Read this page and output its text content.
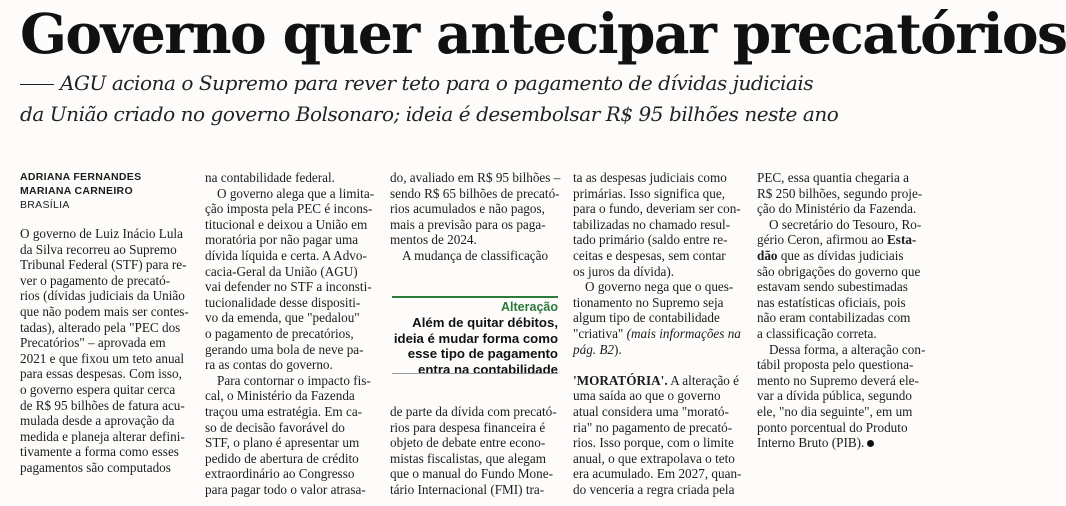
Governo quer antecipar precatórios
AGU aciona o Supremo para rever teto para o pagamento de dívidas judiciais
da União criado no governo Bolsonaro; ideia é desembolsar R$ 95 bilhões neste ano
ADRIANA FERNANDES
MARIANA CARNEIRO
BRASÍLIA
O governo de Luiz Inácio Lula
da Silva recorreu ao Supremo
Tribunal Federal (STF) para re-
ver o pagamento de precató-
rios (dívidas judiciais da União
que não podem mais ser contes-
tadas), alterado pela "PEC dos
Precatórios" – aprovada em
2021 e que fixou um teto anual
para essas despesas. Com isso,
o governo espera quitar cerca
de R$ 95 bilhões de fatura acu-
mulada desde a aprovação da
medida e planeja alterar defini-
tivamente a forma como esses
pagamentos são computados
na contabilidade federal.
O governo alega que a limita-
ção imposta pela PEC é incons-
titucional e deixou a União em
moratória por não pagar uma
dívida líquida e certa. A Advo-
cacia-Geral da União (AGU)
vai defender no STF a inconsti-
tucionalidade desse dispositi-
vo da emenda, que "pedalou"
o pagamento de precatórios,
gerando uma bola de neve pa-
ra as contas do governo.
Para contornar o impacto fis-
cal, o Ministério da Fazenda
traçou uma estratégia. Em ca-
so de decisão favorável do
STF, o plano é apresentar um
pedido de abertura de crédito
extraordinário ao Congresso
para pagar todo o valor atrasa-
do, avaliado em R$ 95 bilhões –
sendo R$ 65 bilhões de precató-
rios acumulados e não pagos,
mais a previsão para os paga-
mentos de 2024.
A mudança de classificação
Alteração
Além de quitar débitos,
ideia é mudar forma como
esse tipo de pagamento
entra na contabilidade
de parte da dívida com precató-
rios para despesa financeira é
objeto de debate entre econo-
mistas fiscalistas, que alegam
que o manual do Fundo Mone-
tário Internacional (FMI) tra-
ta as despesas judiciais como
primárias. Isso significa que,
para o fundo, deveriam ser con-
tabilizadas no chamado resul-
tado primário (saldo entre re-
ceitas e despesas, sem contar
os juros da dívida).
O governo nega que o ques-
tionamento no Supremo seja
algum tipo de contabilidade
"criativa" (mais informações na
pág. B2).
'MORATÓRIA'. A alteração é
uma saída ao que o governo
atual considera uma "morató-
ria" no pagamento de precató-
rios. Isso porque, com o limite
anual, o que extrapolava o teto
era acumulado. Em 2027, quan-
do venceria a regra criada pela
PEC, essa quantia chegaria a
R$ 250 bilhões, segundo proje-
ção do Ministério da Fazenda.
O secretário do Tesouro, Ro-
gério Ceron, afirmou ao Esta-
dão que as dívidas judiciais
são obrigações do governo que
estavam sendo subestimadas
nas estatísticas oficiais, pois
não eram contabilizadas com
a classificação correta.
Dessa forma, a alteração con-
tábil proposta pelo questiona-
mento no Supremo deverá ele-
var a dívida pública, segundo
ele, "no dia seguinte", em um
ponto porcentual do Produto
Interno Bruto (PIB).
